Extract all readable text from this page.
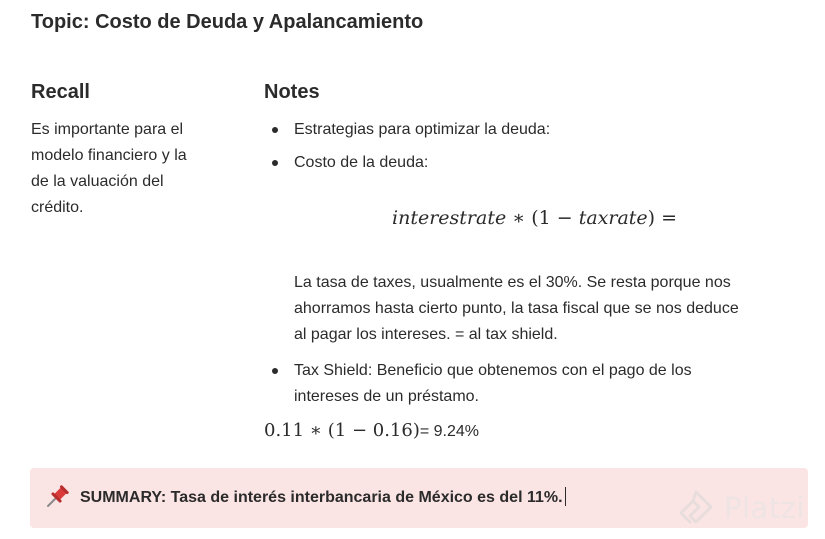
Topic: Costo de Deuda y Apalancamiento
Recall	Notes
Es importante para el
modelo financiero y la
de la valuación del
crédito.
Estrategias para optimizar la deuda:
Costo de la deuda:
interestrate ∗ (1 − taxrate) =
La tasa de taxes, usualmente es el 30%. Se resta porque nos
ahorramos hasta cierto punto, la tasa fiscal que se nos deduce
al pagar los intereses. = al tax shield.
Tax Shield: Beneficio que obtenemos con el pago de los
intereses de un préstamo.
0.11 ∗ (1 − 0.16)= 9.24%
SUMMARY: Tasa de interés interbancaria de México es del 11%.	Platzi
